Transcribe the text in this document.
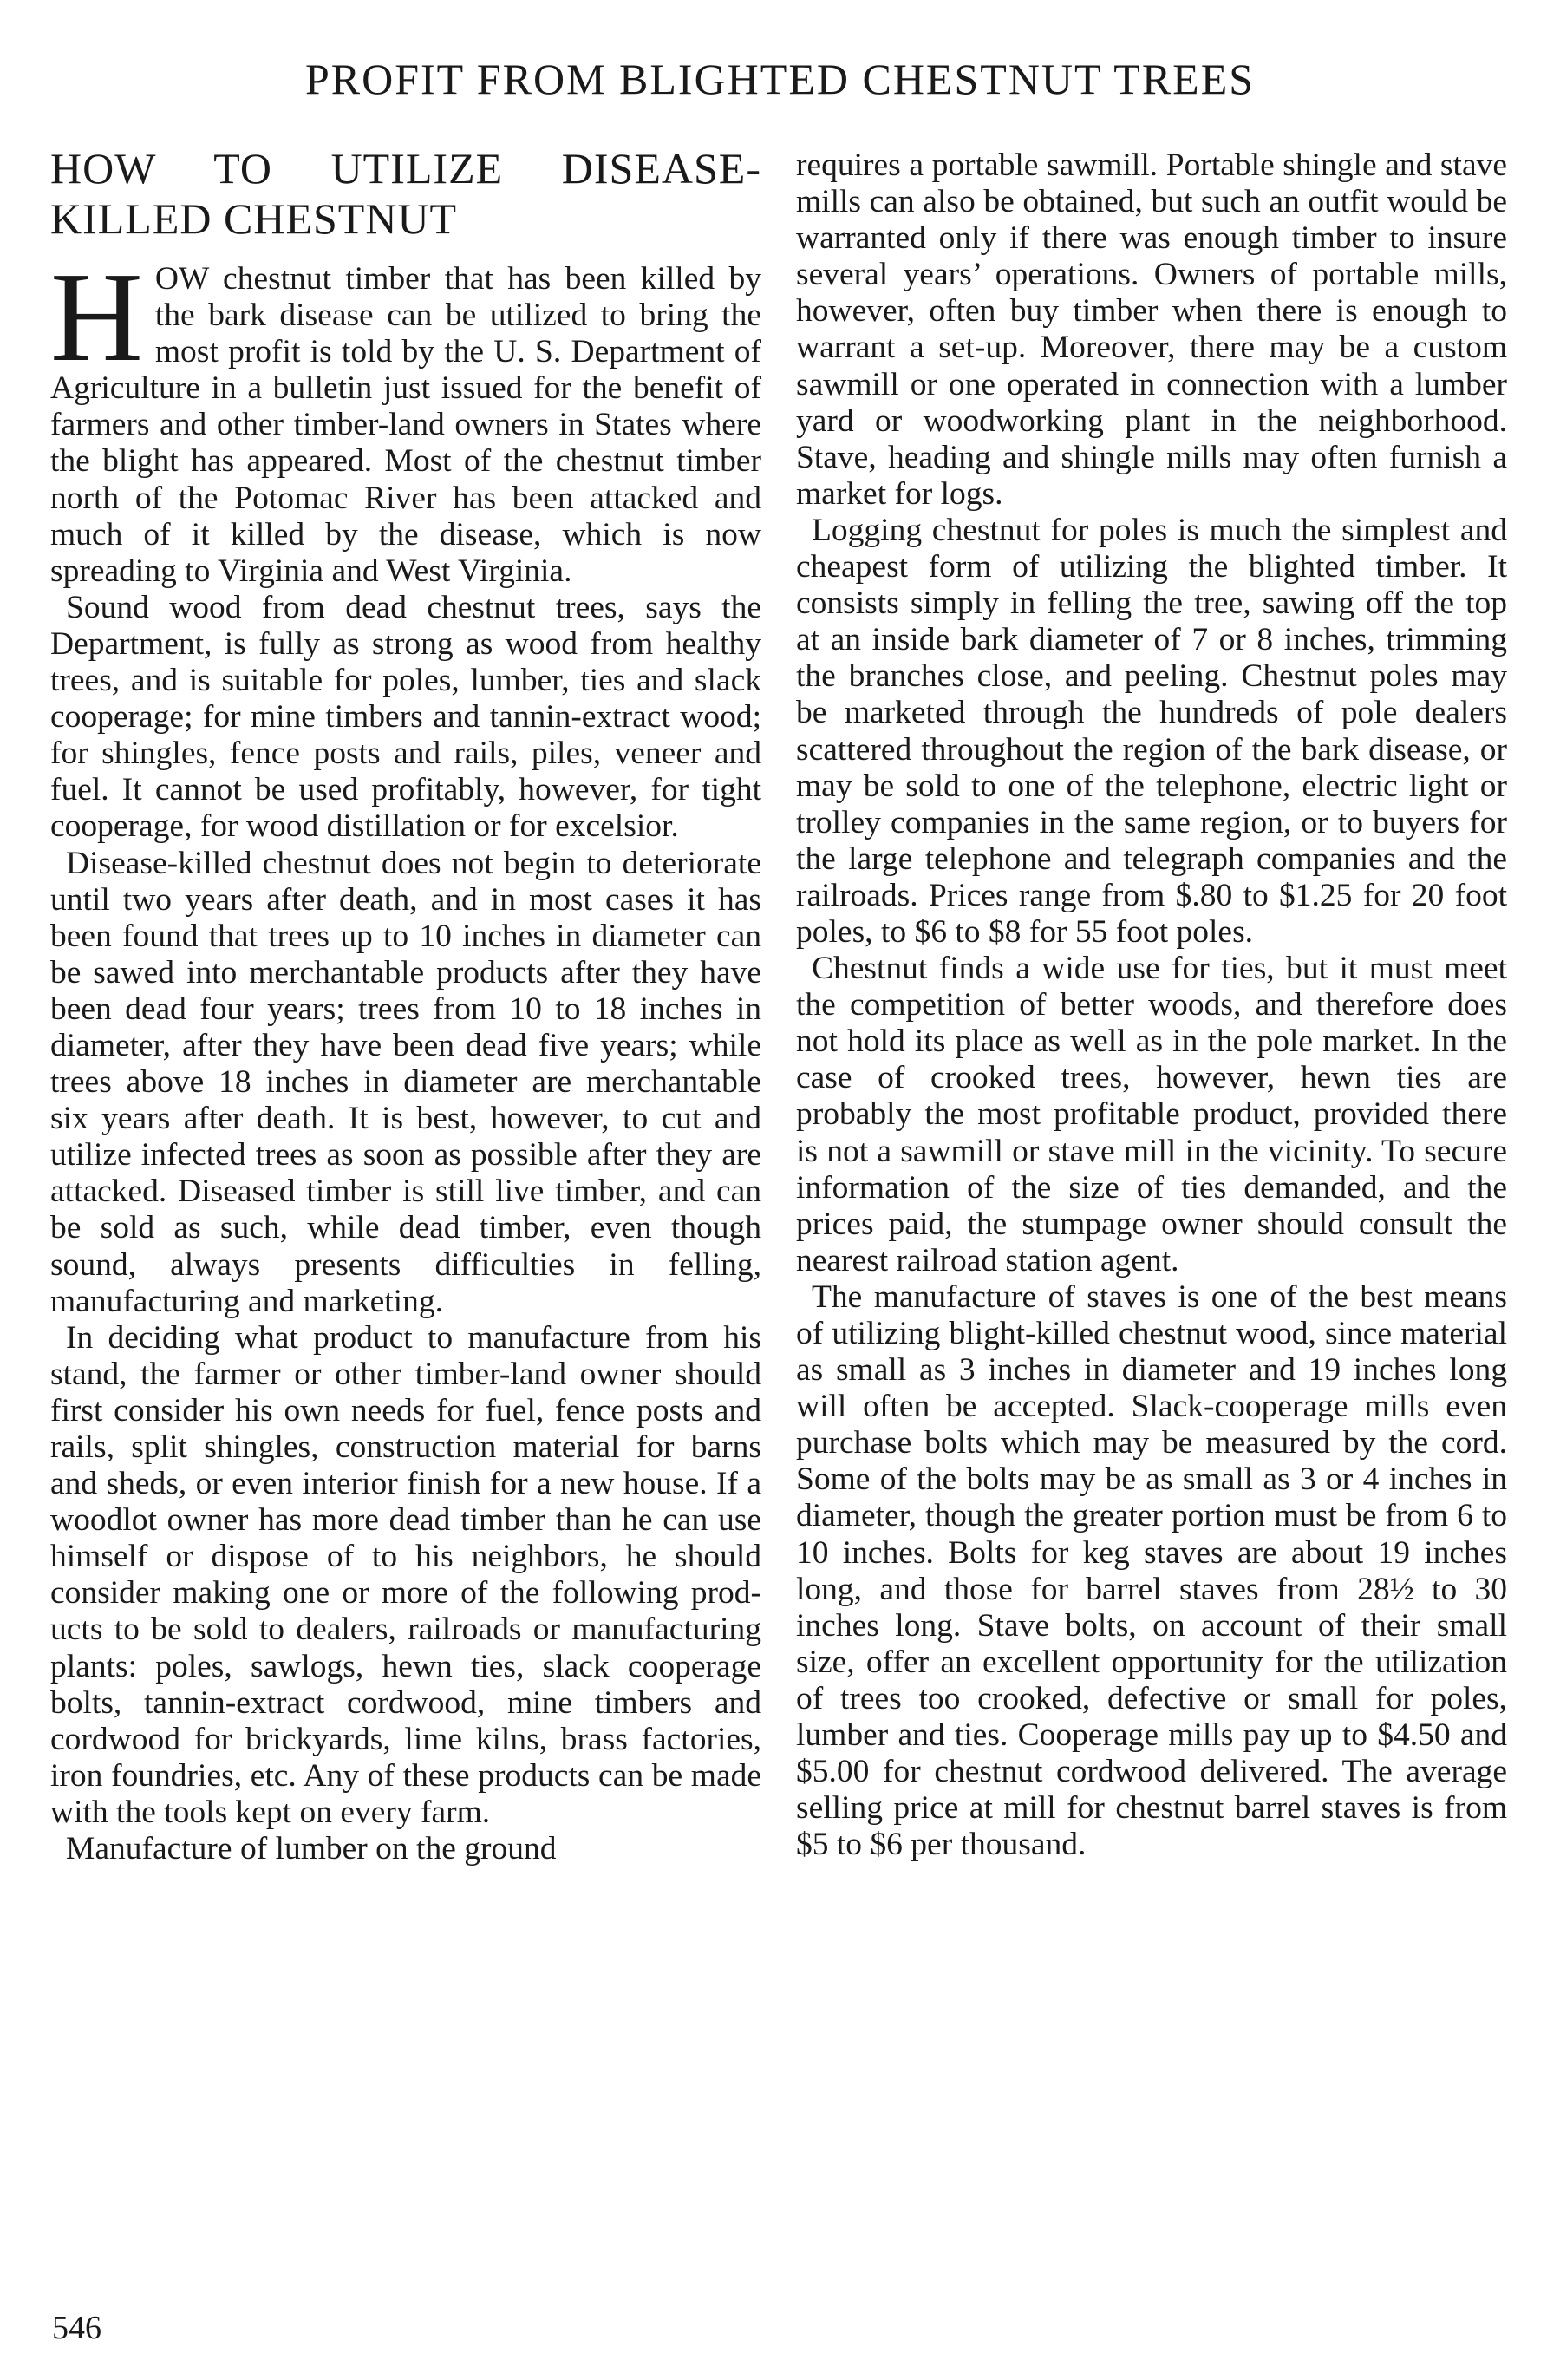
PROFIT FROM BLIGHTED CHESTNUT TREES
HOW TO UTILIZE DISEASE-KILLED CHESTNUT

HOW chestnut timber that has been killed by the bark disease can be utilized to bring the most profit is told by the U. S. Department of Agriculture in a bulletin just issued for the benefit of farmers and other timber-land owners in States where the blight has appeared. Most of the chestnut timber north of the Potomac River has been attacked and much of it killed by the disease, which is now spreading to Virginia and West Virginia.

Sound wood from dead chestnut trees, says the Department, is fully as strong as wood from healthy trees, and is suitable for poles, lumber, ties and slack cooperage; for mine timbers and tannin-extract wood; for shingles, fence posts and rails, piles, veneer and fuel. It cannot be used profitably, however, for tight cooperage, for wood distillation or for excelsior.

Disease-killed chestnut does not begin to deteriorate until two years after death, and in most cases it has been found that trees up to 10 inches in diameter can be sawed into merchantable products after they have been dead four years; trees from 10 to 18 inches in diameter, after they have been dead five years; while trees above 18 inches in diameter are merchantable six years after death. It is best, however, to cut and utilize infected trees as soon as possible after they are attacked. Diseased timber is still live timber, and can be sold as such, while dead timber, even though sound, always presents difficulties in felling, manufacturing and marketing.

In deciding what product to manufacture from his stand, the farmer or other timber-land owner should first consider his own needs for fuel, fence posts and rails, split shingles, construction material for barns and sheds, or even interior finish for a new house. If a woodlot owner has more dead timber than he can use himself or dispose of to his neighbors, he should consider making one or more of the following products to be sold to dealers, railroads or manufacturing plants: poles, sawlogs, hewn ties, slack cooperage bolts, tannin-extract cordwood, mine timbers and cordwood for brickyards, lime kilns, brass factories, iron foundries, etc. Any of these products can be made with the tools kept on every farm.

Manufacture of lumber on the ground

requires a portable sawmill. Portable shingle and stave mills can also be obtained, but such an outfit would be warranted only if there was enough timber to insure several years’ operations. Owners of portable mills, however, often buy timber when there is enough to warrant a set-up. Moreover, there may be a custom sawmill or one operated in connection with a lumber yard or woodworking plant in the neighborhood. Stave, heading and shingle mills may often furnish a market for logs.

Logging chestnut for poles is much the simplest and cheapest form of utilizing the blighted timber. It consists simply in felling the tree, sawing off the top at an inside bark diameter of 7 or 8 inches, trimming the branches close, and peeling. Chestnut poles may be marketed through the hundreds of pole dealers scattered throughout the region of the bark disease, or may be sold to one of the telephone, electric light or trolley companies in the same region, or to buyers for the large telephone and telegraph companies and the railroads. Prices range from $.80 to $1.25 for 20 foot poles, to $6 to $8 for 55 foot poles.

Chestnut finds a wide use for ties, but it must meet the competition of better woods, and therefore does not hold its place as well as in the pole market. In the case of crooked trees, however, hewn ties are probably the most profitable product, provided there is not a sawmill or stave mill in the vicinity. To secure information of the size of ties demanded, and the prices paid, the stumpage owner should consult the nearest railroad station agent.

The manufacture of staves is one of the best means of utilizing blight-killed chestnut wood, since material as small as 3 inches in diameter and 19 inches long will often be accepted. Slack-cooperage mills even purchase bolts which may be measured by the cord. Some of the bolts may be as small as 3 or 4 inches in diameter, though the greater portion must be from 6 to 10 inches. Bolts for keg staves are about 19 inches long, and those for barrel staves from 28½ to 30 inches long. Stave bolts, on account of their small size, offer an excellent opportunity for the utilization of trees too crooked, defective or small for poles, lumber and ties. Cooperage mills pay up to $4.50 and $5.00 for chestnut cordwood delivered. The average selling price at mill for chestnut barrel staves is from $5 to $6 per thousand.

546
